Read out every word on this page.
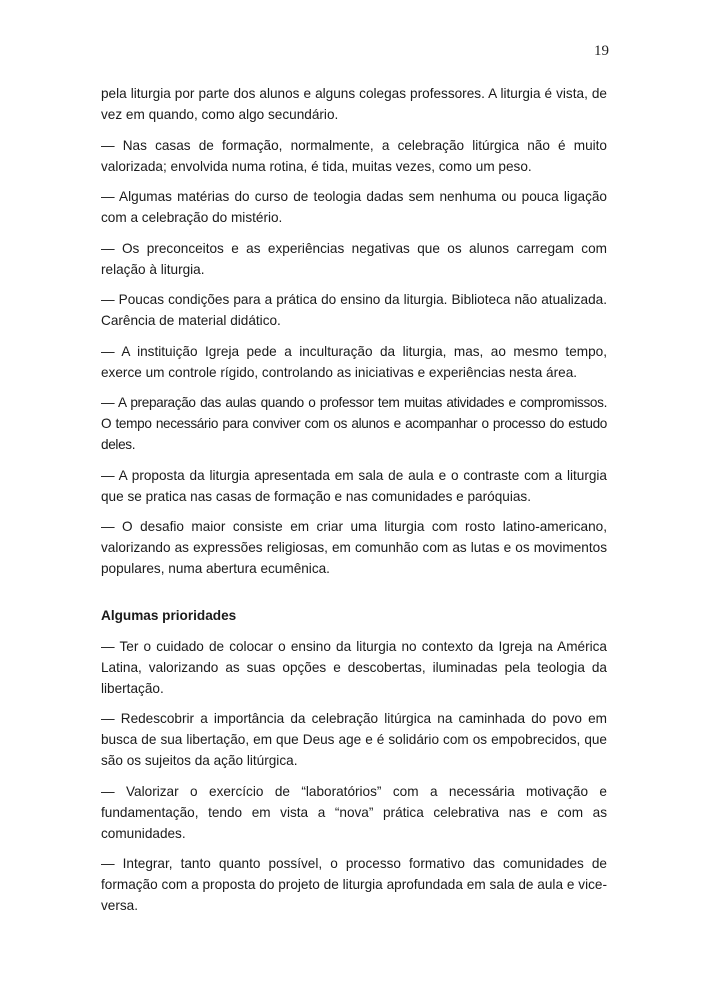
19

pela liturgia por parte dos alunos e alguns colegas professores. A liturgia é vista, de vez em quando, como algo secundário.

— Nas casas de formação, normalmente, a celebração litúrgica não é muito valorizada; envolvida numa rotina, é tida, muitas vezes, como um peso.

— Algumas matérias do curso de teologia dadas sem nenhuma ou pouca ligação com a celebração do mistério.

— Os preconceitos e as experiências negativas que os alunos carregam com relação à liturgia.

— Poucas condições para a prática do ensino da liturgia. Biblioteca não atualizada. Carência de material didático.

— A instituição Igreja pede a inculturação da liturgia, mas, ao mesmo tempo, exerce um controle rígido, controlando as iniciativas e experiências nesta área.

— A preparação das aulas quando o professor tem muitas atividades e compromissos. O tempo necessário para conviver com os alunos e acompanhar o processo do estudo deles.

— A proposta da liturgia apresentada em sala de aula e o contraste com a liturgia que se pratica nas casas de formação e nas comunidades e paróquias.

— O desafio maior consiste em criar uma liturgia com rosto latino-americano, valorizando as expressões religiosas, em comunhão com as lutas e os movimentos populares, numa abertura ecumênica.

Algumas prioridades

— Ter o cuidado de colocar o ensino da liturgia no contexto da Igreja na América Latina, valorizando as suas opções e descobertas, iluminadas pela teologia da libertação.

— Redescobrir a importância da celebração litúrgica na caminhada do povo em busca de sua libertação, em que Deus age e é solidário com os empobrecidos, que são os sujeitos da ação litúrgica.

— Valorizar o exercício de “laboratórios” com a necessária motivação e fundamentação, tendo em vista a “nova” prática celebrativa nas e com as comunidades.

— Integrar, tanto quanto possível, o processo formativo das comunidades de formação com a proposta do projeto de liturgia aprofundada em sala de aula e vice-versa.
